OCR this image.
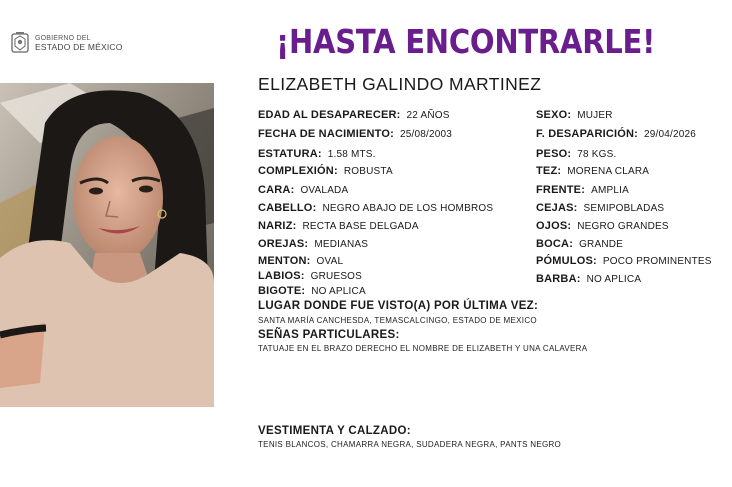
GOBIERNO DEL
ESTADO DE MÉXICO	¡HASTA ENCONTRARLE!
ELIZABETH GALINDO MARTINEZ
EDAD AL DESAPARECER: 22 AÑOS
FECHA DE NACIMIENTO: 25/08/2003
ESTATURA: 1.58 MTS.
COMPLEXIÓN: ROBUSTA
CARA: OVALADA
CABELLO: NEGRO ABAJO DE LOS HOMBROS
NARIZ: RECTA BASE DELGADA
OREJAS: MEDIANAS
MENTON: OVAL
LABIOS: GRUESOS
BIGOTE: NO APLICA
SEXO: MUJER
F. DESAPARICIÓN: 29/04/2026
PESO: 78 KGS.
TEZ: MORENA CLARA
FRENTE: AMPLIA
CEJAS: SEMIPOBLADAS
OJOS: NEGRO GRANDES
BOCA: GRANDE
PÓMULOS: POCO PROMINENTES
BARBA: NO APLICA
LUGAR DONDE FUE VISTO(A) POR ÚLTIMA VEZ:
SANTA MARÍA CANCHESDA, TEMASCALCINGO, ESTADO DE MEXICO
SEÑAS PARTICULARES:
TATUAJE EN EL BRAZO DERECHO EL NOMBRE DE ELIZABETH Y UNA CALAVERA
VESTIMENTA Y CALZADO:
TENIS BLANCOS, CHAMARRA NEGRA, SUDADERA NEGRA, PANTS NEGRO
